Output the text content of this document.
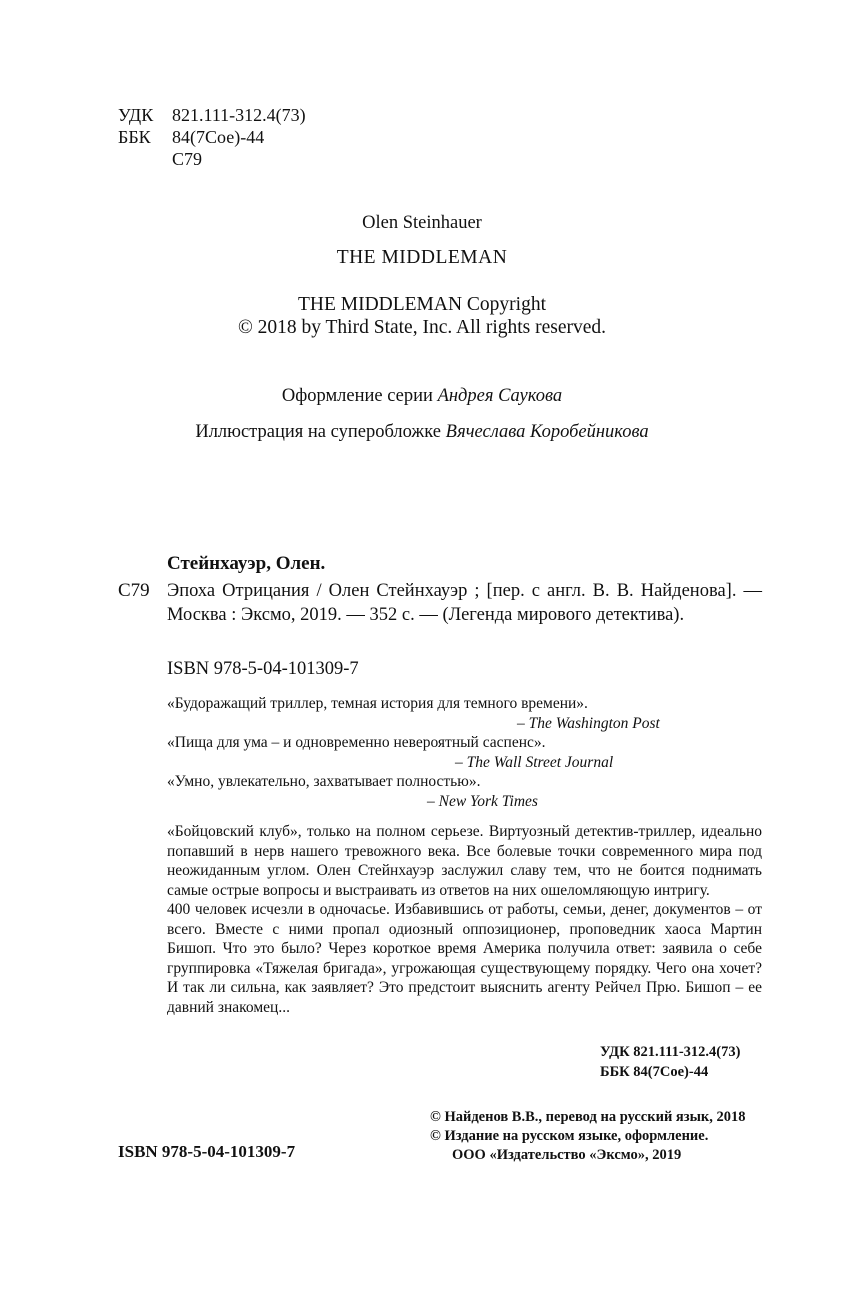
УДК	821.111-312.4(73)
ББК	84(7Сое)-44
С79
Olen Steinhauer
THE MIDDLEMAN
THE MIDDLEMAN Copyright
© 2018 by Third State, Inc. All rights reserved.
Оформление серии Андрея Саукова
Иллюстрация на суперобложке Вячеслава Коробейникова
Стейнхауэр, Олен.
С79 Эпоха Отрицания / Олен Стейнхауэр ; [пер. с англ. В. В. Найденова]. — Москва : Эксмо, 2019. — 352 с. — (Легенда мирового детектива).
ISBN 978-5-04-101309-7
«Будоражащий триллер, темная история для темного времени».
– The Washington Post
«Пища для ума – и одновременно невероятный саспенс».
– The Wall Street Journal
«Умно, увлекательно, захватывает полностью».
– New York Times

«Бойцовский клуб», только на полном серьезе. Виртуозный детектив-триллер, идеально попавший в нерв нашего тревожного века. Все болевые точки современного мира под неожиданным углом. Олен Стейнхауэр заслужил славу тем, что не боится поднимать самые острые вопросы и выстраивать из ответов на них ошеломляющую интригу.

400 человек исчезли в одночасье. Избавившись от работы, семьи, денег, документов – от всего. Вместе с ними пропал одиозный оппозиционер, проповедник хаоса Мартин Бишоп. Что это было? Через короткое время Америка получила ответ: заявила о себе группировка «Тяжелая бригада», угрожающая существующему порядку. Чего она хочет? И так ли сильна, как заявляет? Это предстоит выяснить агенту Рейчел Прю. Бишоп – ее давний знакомец...

УДК 821.111-312.4(73)
ББК 84(7Сое)-44
ISBN 978-5-04-101309-7
© Найденов В.В., перевод на русский язык, 2018
© Издание на русском языке, оформление.
ООО «Издательство «Эксмо», 2019
